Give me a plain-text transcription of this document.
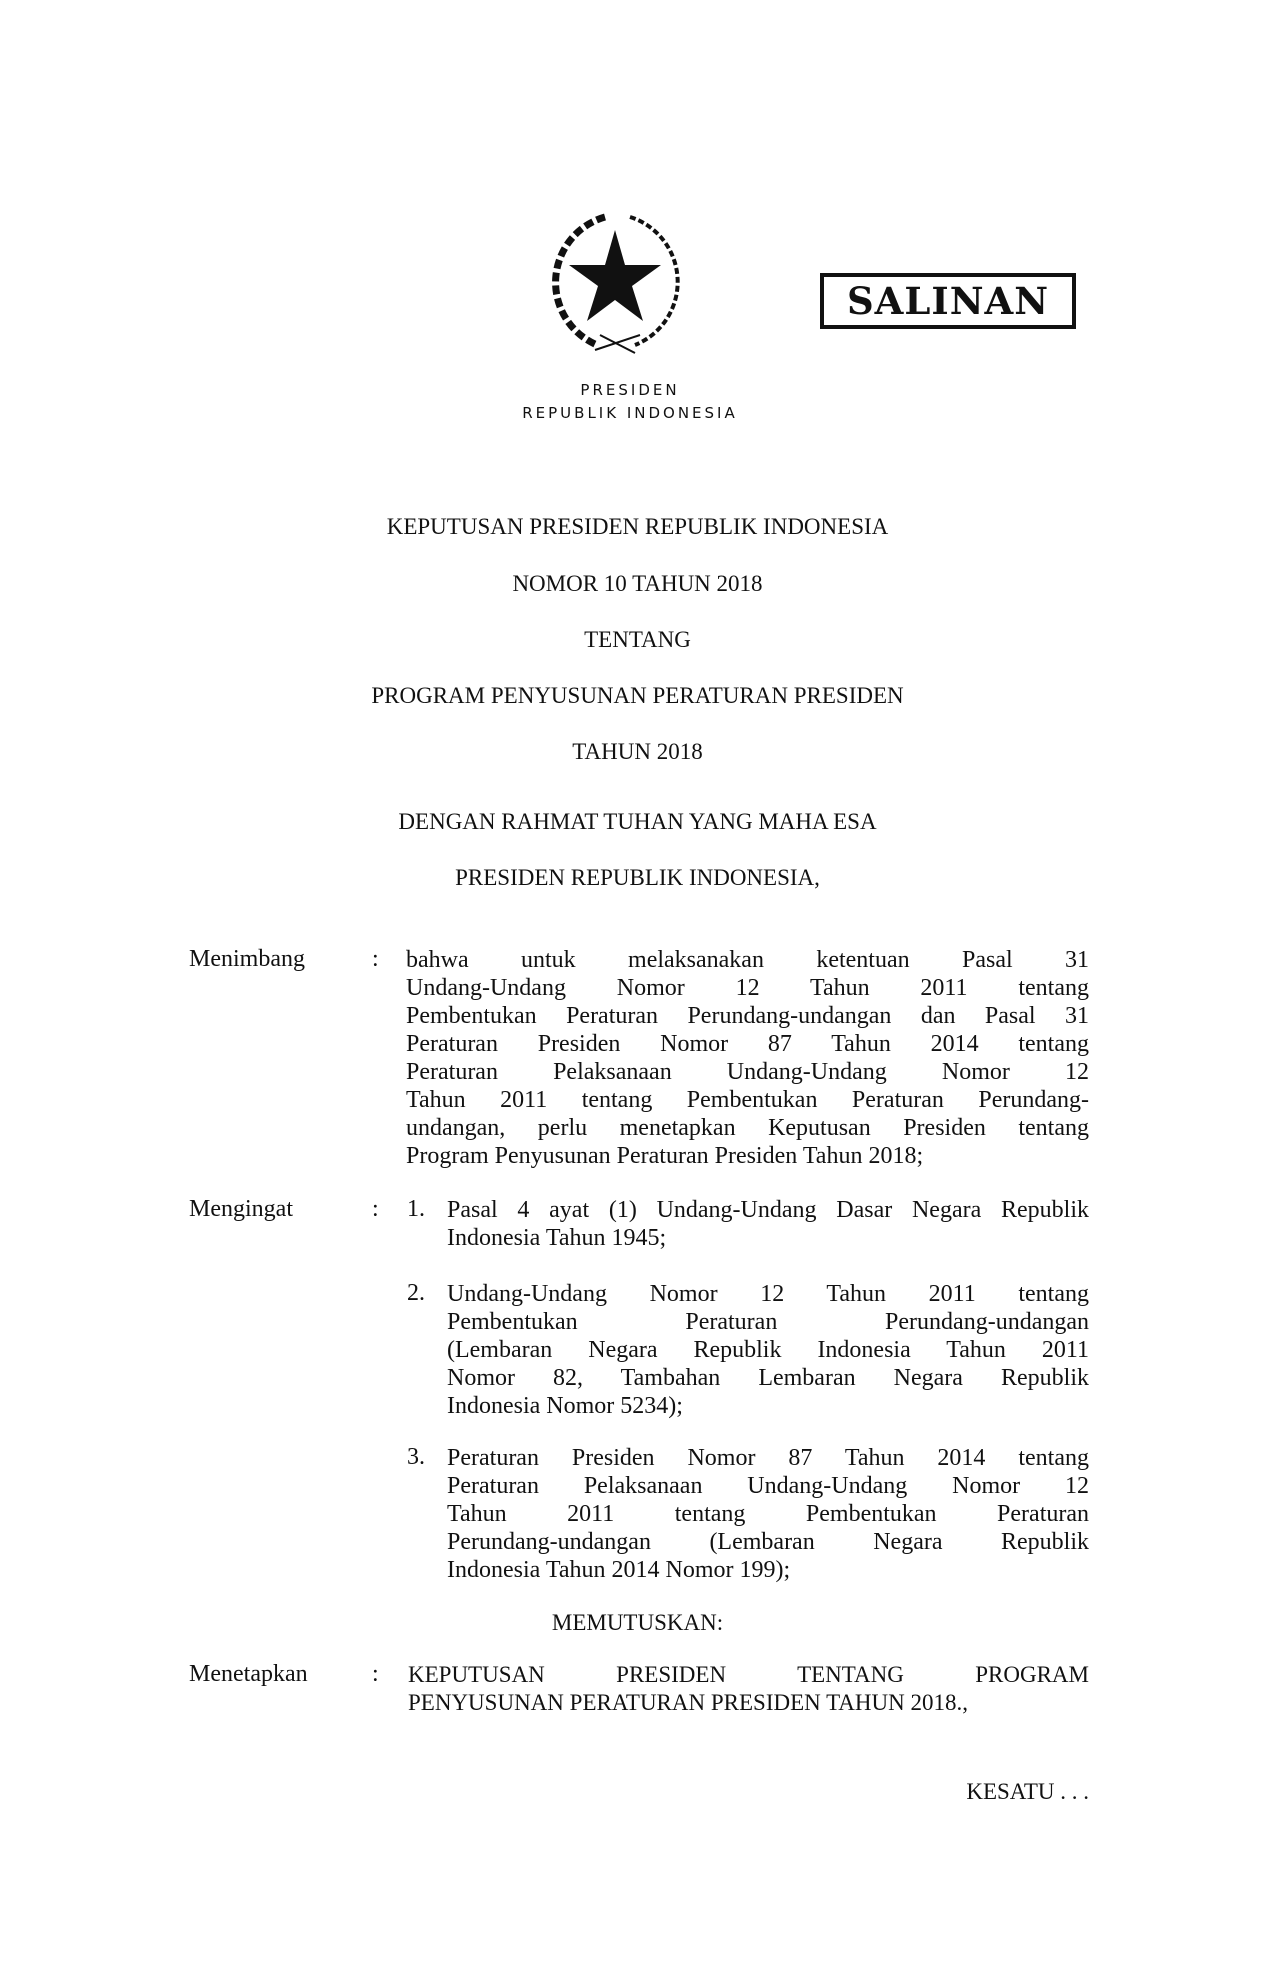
SALINAN
PRESIDEN
REPUBLIK INDONESIA
KEPUTUSAN PRESIDEN REPUBLIK INDONESIA
NOMOR 10 TAHUN 2018
TENTANG
PROGRAM PENYUSUNAN PERATURAN PRESIDEN
TAHUN 2018
DENGAN RAHMAT TUHAN YANG MAHA ESA
PRESIDEN REPUBLIK INDONESIA,
Menimbang	: bahwa untuk melaksanakan ketentuan Pasal 31
Undang-Undang Nomor 12 Tahun 2011 tentang
Pembentukan Peraturan Perundang-undangan dan Pasal 31
Peraturan Presiden Nomor 87 Tahun 2014 tentang
Peraturan Pelaksanaan Undang-Undang Nomor 12
Tahun 2011 tentang Pembentukan Peraturan Perundang-
undangan, perlu menetapkan Keputusan Presiden tentang
Program Penyusunan Peraturan Presiden Tahun 2018;
Mengingat	: 1. Pasal 4 ayat (1) Undang-Undang Dasar Negara Republik
Indonesia Tahun 1945;
2. Undang-Undang Nomor 12 Tahun 2011 tentang
Pembentukan Peraturan Perundang-undangan
(Lembaran Negara Republik Indonesia Tahun 2011
Nomor 82, Tambahan Lembaran Negara Republik
Indonesia Nomor 5234);
3. Peraturan Presiden Nomor 87 Tahun 2014 tentang
Peraturan Pelaksanaan Undang-Undang Nomor 12
Tahun 2011 tentang Pembentukan Peraturan
Perundang-undangan (Lembaran Negara Republik
Indonesia Tahun 2014 Nomor 199);
MEMUTUSKAN:
Menetapkan	: KEPUTUSAN PRESIDEN TENTANG PROGRAM
PENYUSUNAN PERATURAN PRESIDEN TAHUN 2018.,
KESATU . . .
